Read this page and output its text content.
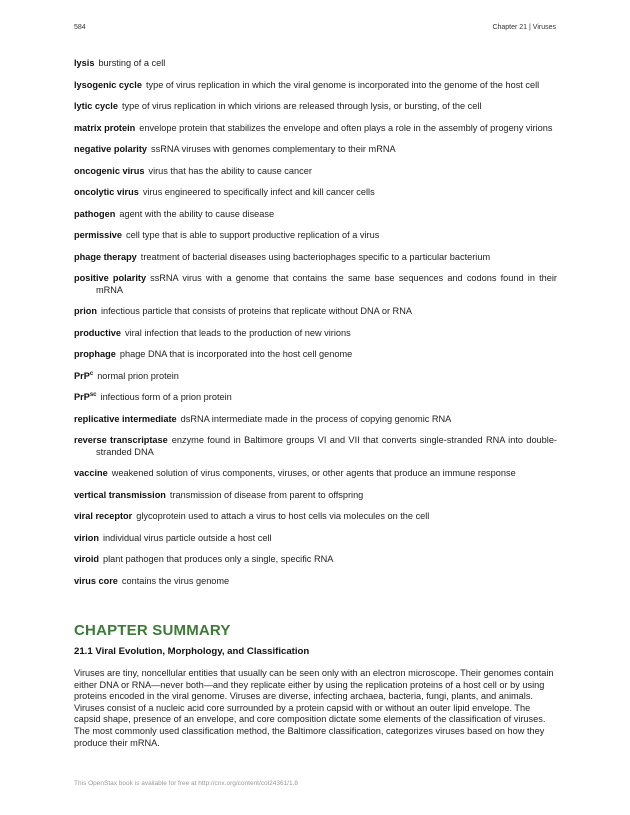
584	Chapter 21 | Viruses

lysis bursting of a cell

lysogenic cycle type of virus replication in which the viral genome is incorporated into the genome of the host cell

lytic cycle type of virus replication in which virions are released through lysis, or bursting, of the cell

matrix protein envelope protein that stabilizes the envelope and often plays a role in the assembly of progeny virions

negative polarity ssRNA viruses with genomes complementary to their mRNA

oncogenic virus virus that has the ability to cause cancer

oncolytic virus virus engineered to specifically infect and kill cancer cells

pathogen agent with the ability to cause disease

permissive cell type that is able to support productive replication of a virus

phage therapy treatment of bacterial diseases using bacteriophages specific to a particular bacterium

positive polarity ssRNA virus with a genome that contains the same base sequences and codons found in their mRNA

prion infectious particle that consists of proteins that replicate without DNA or RNA

productive viral infection that leads to the production of new virions

prophage phage DNA that is incorporated into the host cell genome

PrP$^c$ normal prion protein

PrP$^{sc}$ infectious form of a prion protein

replicative intermediate dsRNA intermediate made in the process of copying genomic RNA

reverse transcriptase enzyme found in Baltimore groups VI and VII that converts single-stranded RNA into double-stranded DNA

vaccine weakened solution of virus components, viruses, or other agents that produce an immune response

vertical transmission transmission of disease from parent to offspring

viral receptor glycoprotein used to attach a virus to host cells via molecules on the cell

virion individual virus particle outside a host cell

viroid plant pathogen that produces only a single, specific RNA

virus core contains the virus genome

CHAPTER SUMMARY
21.1 Viral Evolution, Morphology, and Classification

Viruses are tiny, noncellular entities that usually can be seen only with an electron microscope. Their genomes contain either DNA or RNA—never both—and they replicate either by using the replication proteins of a host cell or by using proteins encoded in the viral genome. Viruses are diverse, infecting archaea, bacteria, fungi, plants, and animals. Viruses consist of a nucleic acid core surrounded by a protein capsid with or without an outer lipid envelope. The capsid shape, presence of an envelope, and core composition dictate some elements of the classification of viruses. The most commonly used classification method, the Baltimore classification, categorizes viruses based on how they produce their mRNA.

This OpenStax book is available for free at http://cnx.org/content/col24361/1.8
